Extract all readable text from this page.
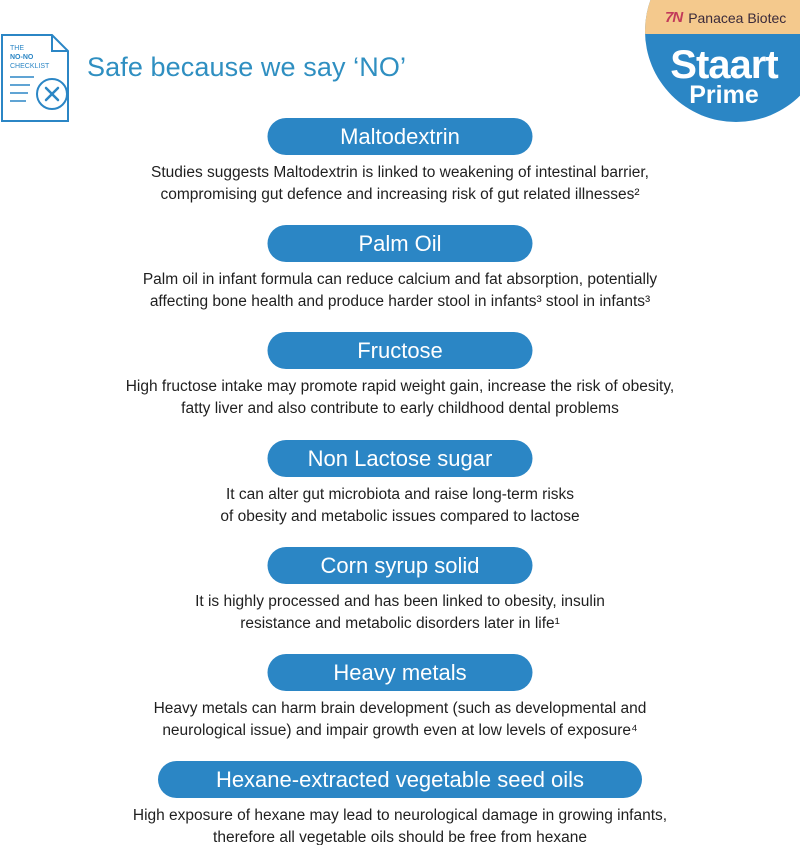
THE
NO-NO
CHECKLIST Safe because we say ‘NO’
7N Panacea Biotec
Staart
Prime
Maltodextrin
Studies suggests Maltodextrin is linked to weakening of intestinal barrier,
compromising gut defence and increasing risk of gut related illnesses²
Palm Oil
Palm oil in infant formula can reduce calcium and fat absorption, potentially
affecting bone health and produce harder stool in infants³ stool in infants³
Fructose
High fructose intake may promote rapid weight gain, increase the risk of obesity,
fatty liver and also contribute to early childhood dental problems
Non Lactose sugar
It can alter gut microbiota and raise long-term risks
of obesity and metabolic issues compared to lactose
Corn syrup solid
It is highly processed and has been linked to obesity, insulin
resistance and metabolic disorders later in life¹
Heavy metals
Heavy metals can harm brain development (such as developmental and
neurological issue) and impair growth even at low levels of exposure⁴
Hexane-extracted vegetable seed oils
High exposure of hexane may lead to neurological damage in growing infants,
therefore all vegetable oils should be free from hexane
